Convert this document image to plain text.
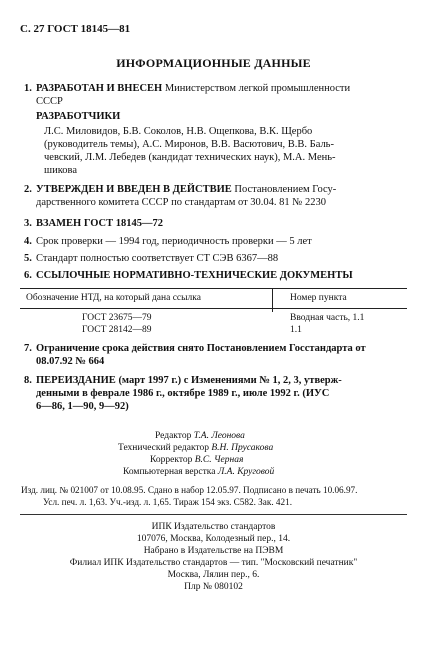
С. 27 ГОСТ 18145—81
ИНФОРМАЦИОННЫЕ ДАННЫЕ
1. РАЗРАБОТАН И ВНЕСЕН Министерством легкой промышленности
СССР
РАЗРАБОТЧИКИ
Л.С. Миловидов, Б.В. Соколов, Н.В. Ощепкова, В.К. Щербо
(руководитель темы), А.С. Миронов, В.В. Васютович, В.В. Баль-
чевский, Л.М. Лебедев (кандидат технических наук), М.А. Мень-
шикова
2. УТВЕРЖДЕН И ВВЕДЕН В ДЕЙСТВИЕ Постановлением Госу-
дарственного комитета СССР по стандартам от 30.04. 81 № 2230
3. ВЗАМЕН ГОСТ 18145—72
4. Срок проверки — 1994 год, периодичность проверки — 5 лет
5. Стандарт полностью соответствует СТ СЭВ 6367—88
6. ССЫЛОЧНЫЕ НОРМАТИВНО-ТЕХНИЧЕСКИЕ ДОКУМЕНТЫ
Обозначение НТД, на который дана ссылка	Номер пункта
ГОСТ 23675—79	Вводная часть, 1.1
ГОСТ 28142—89	1.1
7. Ограничение срока действия снято Постановлением Госстандарта от
08.07.92 № 664
8. ПЕРЕИЗДАНИЕ (март 1997 г.) с Изменениями № 1, 2, 3, утверж-
денными в феврале 1986 г., октябре 1989 г., июле 1992 г. (ИУС
6—86, 1—90, 9—92)
Редактор Т.А. Леонова
Технический редактор В.Н. Прусакова
Корректор В.С. Черная
Компьютерная верстка Л.А. Круговой
Изд. лиц. № 021007 от 10.08.95. Сдано в набор 12.05.97. Подписано в печать 10.06.97.
Усл. печ. л. 1,63. Уч.-изд. л. 1,65. Тираж 154 экз. С582. Зак. 421.
ИПК Издательство стандартов
107076, Москва, Колодезный пер., 14.
Набрано в Издательстве на ПЭВМ
Филиал ИПК Издательство стандартов — тип. "Московский печатник"
Москва, Лялин пер., 6.
Плр № 080102
